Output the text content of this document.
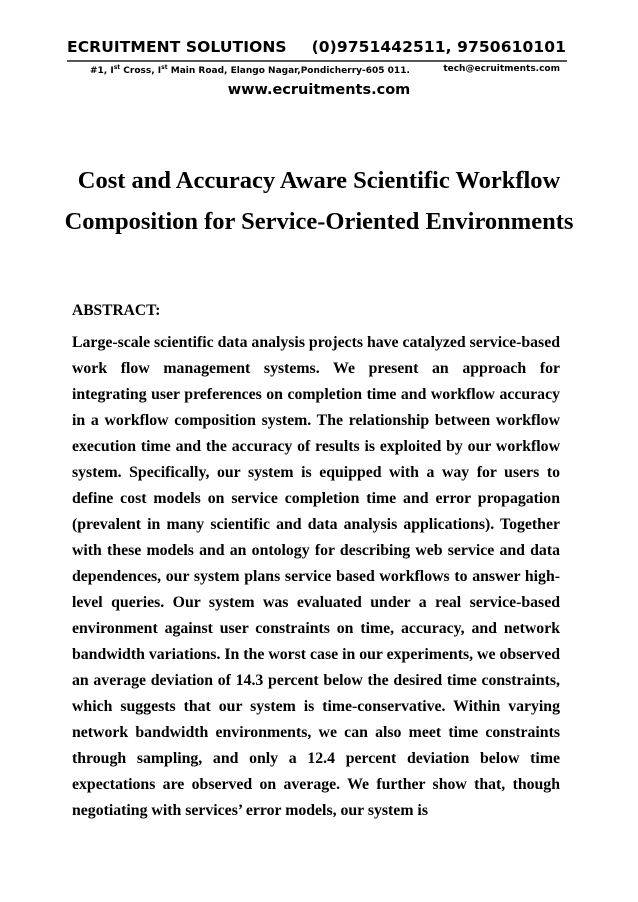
ECRUITMENT SOLUTIONS (0)9751442511, 9750610101
#1, Ist Cross, Ist Main Road, Elango Nagar,Pondicherry-605 011.	tech@ecruitments.com
www.ecruitments.com
Cost and Accuracy Aware Scientific Workflow Composition for Service-Oriented Environments
ABSTRACT:
Large-scale scientific data analysis projects have catalyzed service-based work flow management systems. We present an approach for integrating user preferences on completion time and workflow accuracy in a workflow composition system. The relationship between workflow execution time and the accuracy of results is exploited by our workflow system. Specifically, our system is equipped with a way for users to define cost models on service completion time and error propagation (prevalent in many scientific and data analysis applications). Together with these models and an ontology for describing web service and data dependences, our system plans service based workflows to answer high-level queries. Our system was evaluated under a real service-based environment against user constraints on time, accuracy, and network bandwidth variations. In the worst case in our experiments, we observed an average deviation of 14.3 percent below the desired time constraints, which suggests that our system is time-conservative. Within varying network bandwidth environments, we can also meet time constraints through sampling, and only a 12.4 percent deviation below time expectations are observed on average. We further show that, though negotiating with services’ error models, our system is
